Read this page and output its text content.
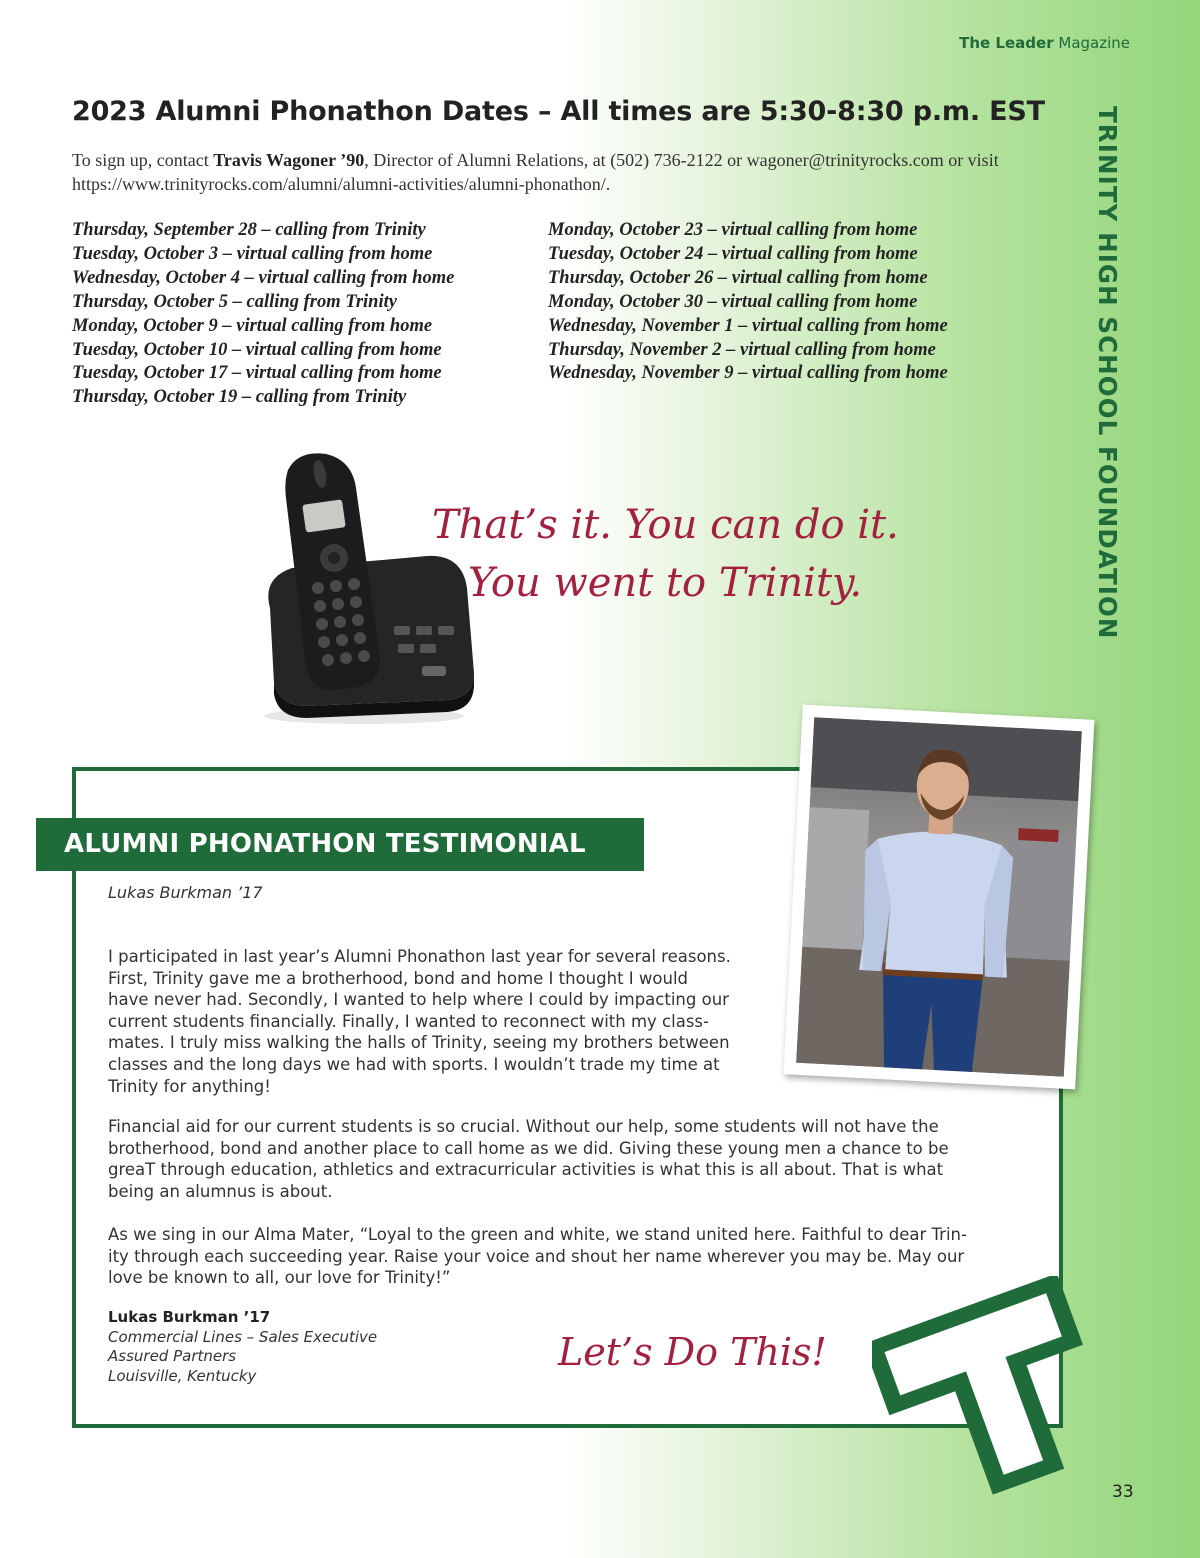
The Leader Magazine
TRINITY HIGH SCHOOL FOUNDATION
2023 Alumni Phonathon Dates – All times are 5:30-8:30 p.m. EST
To sign up, contact Travis Wagoner ’90, Director of Alumni Relations, at (502) 736-2122 or wagoner@trinityrocks.com or visit https://www.trinityrocks.com/alumni/alumni-activities/alumni-phonathon/.
Thursday, September 28 – calling from Trinity
Tuesday, October 3 – virtual calling from home
Wednesday, October 4 – virtual calling from home
Thursday, October 5 – calling from Trinity
Monday, October 9 – virtual calling from home
Tuesday, October 10 – virtual calling from home
Tuesday, October 17 – virtual calling from home
Thursday, October 19 – calling from Trinity
Monday, October 23 – virtual calling from home
Tuesday, October 24 – virtual calling from home
Thursday, October 26 – virtual calling from home
Monday, October 30 – virtual calling from home
Wednesday, November 1 – virtual calling from home
Thursday, November 2 – virtual calling from home
Wednesday, November 9 – virtual calling from home
That’s it. You can do it.
You went to Trinity.
ALUMNI PHONATHON TESTIMONIAL
Lukas Burkman ’17
I participated in last year’s Alumni Phonathon last year for several reasons.
First, Trinity gave me a brotherhood, bond and home I thought I would
have never had. Secondly, I wanted to help where I could by impacting our
current students financially. Finally, I wanted to reconnect with my class-
mates. I truly miss walking the halls of Trinity, seeing my brothers between
classes and the long days we had with sports. I wouldn’t trade my time at
Trinity for anything!
Financial aid for our current students is so crucial. Without our help, some students will not have the
brotherhood, bond and another place to call home as we did. Giving these young men a chance to be
greaT through education, athletics and extracurricular activities is what this is all about. That is what
being an alumnus is about.
As we sing in our Alma Mater, “Loyal to the green and white, we stand united here. Faithful to dear Trin-
ity through each succeeding year. Raise your voice and shout her name wherever you may be. May our
love be known to all, our love for Trinity!”
Lukas Burkman ’17
Commercial Lines – Sales Executive
Assured Partners
Louisville, Kentucky
Let’s Do This!
33
